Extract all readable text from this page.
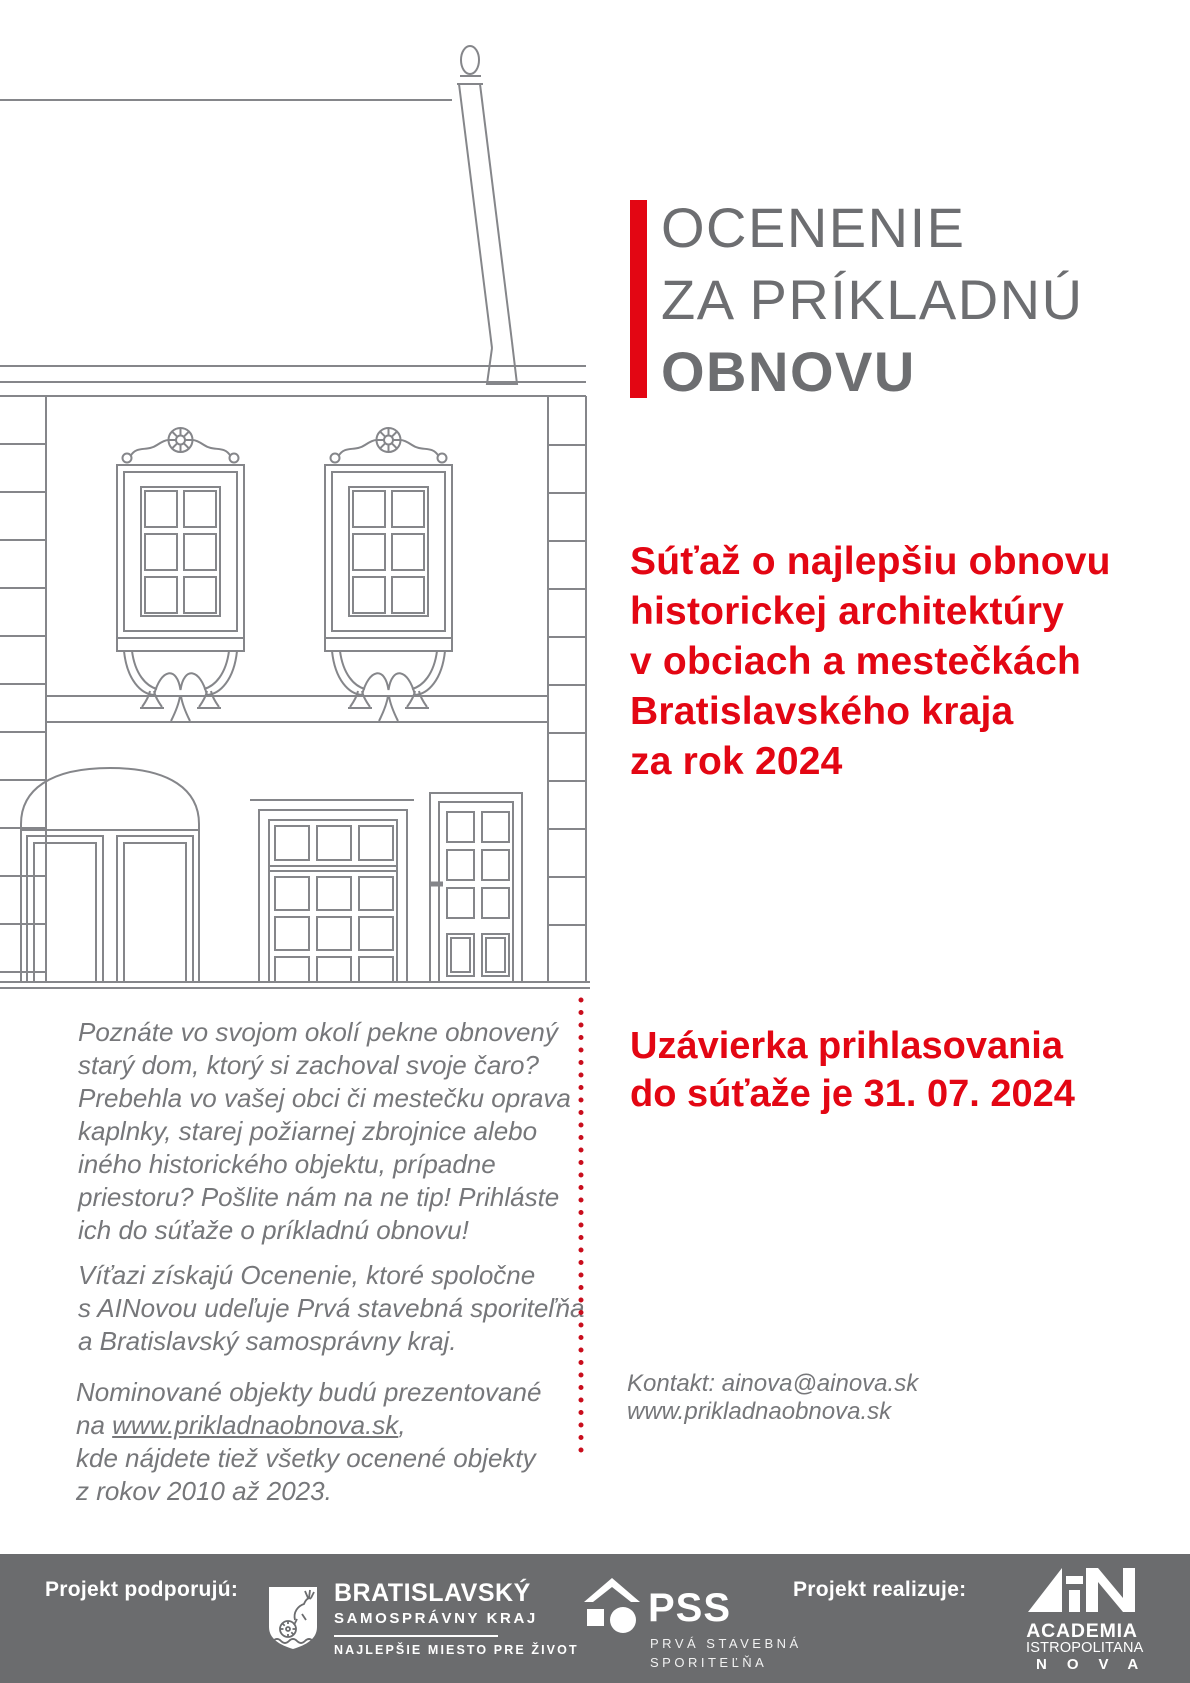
OCENENIE
ZA PRÍKLADNÚ
OBNOVU
Súťaž o najlepšiu obnovu
historickej architektúry
v obciach a mestečkách
Bratislavského kraja
za rok 2024
Poznáte vo svojom okolí pekne obnovený
starý dom, ktorý si zachoval svoje čaro?
Prebehla vo vašej obci či mestečku oprava
kaplnky, starej požiarnej zbrojnice alebo
iného historického objektu, prípadne
priestoru? Pošlite nám na ne tip! Prihláste
ich do súťaže o príkladnú obnovu!
Víťazi získajú Ocenenie, ktoré spoločne
s AINovou udeľuje Prvá stavebná sporiteľňa
a Bratislavský samosprávny kraj.
Nominované objekty budú prezentované
na www.prikladnaobnova.sk,
kde nájdete tiež všetky ocenené objekty
z rokov 2010 až 2023.
Uzávierka prihlasovania
do súťaže je 31. 07. 2024
Kontakt: ainova@ainova.sk
www.prikladnaobnova.sk
Projekt podporujú:	BRATISLAVSKÝ
SAMOSPRÁVNY KRAJ
NAJLEPŠIE MIESTO PRE ŽIVOT
PSS
PRVÁ STAVEBNÁ
SPORITEĽŇA
Projekt realizuje:
ACADEMIA
ISTROPOLITANA
NOVA
